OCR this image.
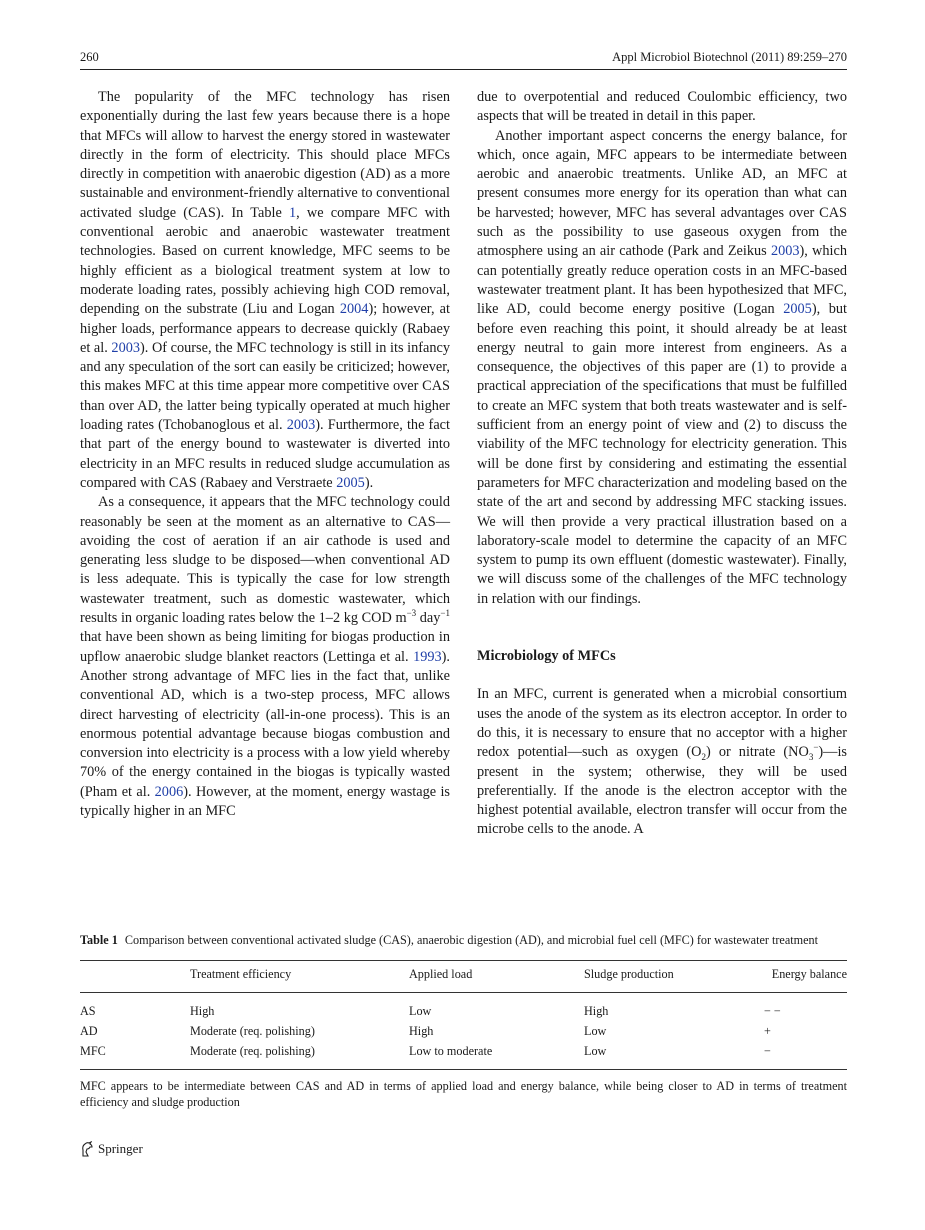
260	Appl Microbiol Biotechnol (2011) 89:259–270

The popularity of the MFC technology has risen exponentially during the last few years because there is a hope that MFCs will allow to harvest the energy stored in wastewater directly in the form of electricity. This should place MFCs directly in competition with anaerobic digestion (AD) as a more sustainable and environment-friendly alternative to conventional activated sludge (CAS). In Table 1, we compare MFC with conventional aerobic and anaerobic wastewater treatment technologies. Based on current knowledge, MFC seems to be highly efficient as a biological treatment system at low to moderate loading rates, possibly achieving high COD removal, depending on the substrate (Liu and Logan 2004); however, at higher loads, performance appears to decrease quickly (Rabaey et al. 2003). Of course, the MFC technology is still in its infancy and any speculation of the sort can easily be criticized; however, this makes MFC at this time appear more competitive over CAS than over AD, the latter being typically operated at much higher loading rates (Tchobanoglous et al. 2003). Furthermore, the fact that part of the energy bound to wastewater is diverted into electricity in an MFC results in reduced sludge accumulation as compared with CAS (Rabaey and Verstraete 2005).

As a consequence, it appears that the MFC technology could reasonably be seen at the moment as an alternative to CAS—avoiding the cost of aeration if an air cathode is used and generating less sludge to be disposed—when conventional AD is less adequate. This is typically the case for low strength wastewater treatment, such as domestic wastewater, which results in organic loading rates below the 1–2 kg COD $m^{-3}$ day$^{-1}$ that have been shown as being limiting for biogas production in upflow anaerobic sludge blanket reactors (Lettinga et al. 1993). Another strong advantage of MFC lies in the fact that, unlike conventional AD, which is a two-step process, MFC allows direct harvesting of electricity (all-in-one process). This is an enormous potential advantage because biogas combustion and conversion into electricity is a process with a low yield whereby 70% of the energy contained in the biogas is typically wasted (Pham et al. 2006). However, at the moment, energy wastage is typically higher in an MFC

due to overpotential and reduced Coulombic efficiency, two aspects that will be treated in detail in this paper.

Another important aspect concerns the energy balance, for which, once again, MFC appears to be intermediate between aerobic and anaerobic treatments. Unlike AD, an MFC at present consumes more energy for its operation than what can be harvested; however, MFC has several advantages over CAS such as the possibility to use gaseous oxygen from the atmosphere using an air cathode (Park and Zeikus 2003), which can potentially greatly reduce operation costs in an MFC-based wastewater treatment plant. It has been hypothesized that MFC, like AD, could become energy positive (Logan 2005), but before even reaching this point, it should already be at least energy neutral to gain more interest from engineers. As a consequence, the objectives of this paper are (1) to provide a practical appreciation of the specifications that must be fulfilled to create an MFC system that both treats wastewater and is self-sufficient from an energy point of view and (2) to discuss the viability of the MFC technology for electricity generation. This will be done first by considering and estimating the essential parameters for MFC characterization and modeling based on the state of the art and second by addressing MFC stacking issues. We will then provide a very practical illustration based on a laboratory-scale model to determine the capacity of an MFC system to pump its own effluent (domestic wastewater). Finally, we will discuss some of the challenges of the MFC technology in relation with our findings.

Microbiology of MFCs

In an MFC, current is generated when a microbial consortium uses the anode of the system as its electron acceptor. In order to do this, it is necessary to ensure that no acceptor with a higher redox potential—such as oxygen $(O_2)$ or nitrate $(NO_3^-)—is$ present in the system; otherwise, they will be used preferentially. If the anode is the electron acceptor with the highest potential available, electron transfer will occur from the microbe cells to the anode. A

Table 1 Comparison between conventional activated sludge (CAS), anaerobic digestion (AD), and microbial fuel cell (MFC) for wastewater treatment
	Treatment efficiency	Applied load	Sludge production	Energy balance
AS	High	Low	High	− −
AD	Moderate (req. polishing)	High	Low	+
MFC	Moderate (req. polishing)	Low to moderate	Low	−
MFC appears to be intermediate between CAS and AD in terms of applied load and energy balance, while being closer to AD in terms of treatment efficiency and sludge production
Springer
